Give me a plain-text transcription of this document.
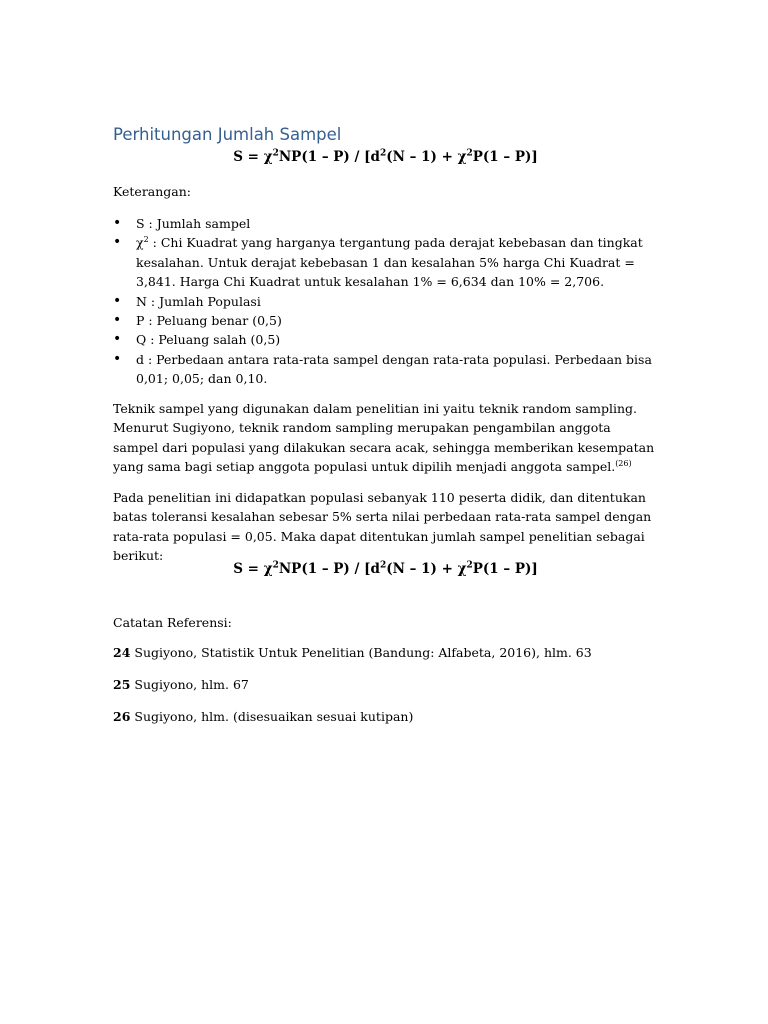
Perhitungan Jumlah Sampel
$S = \chi^2NP(1 - P) / [d^2(N - 1) + \chi^2P(1 - P)]$
Keterangan:
• S : Jumlah sampel
• $\chi^2$ : Chi Kuadrat yang harganya tergantung pada derajat kebebasan dan tingkat kesalahan. Untuk derajat kebebasan 1 dan kesalahan 5% harga Chi Kuadrat = 3,841. Harga Chi Kuadrat untuk kesalahan 1% = 6,634 dan 10% = 2,706.
• N : Jumlah Populasi
• P : Peluang benar (0,5)
• Q : Peluang salah (0,5)
• d : Perbedaan antara rata-rata sampel dengan rata-rata populasi. Perbedaan bisa 0,01; 0,05; dan 0,10.

Teknik sampel yang digunakan dalam penelitian ini yaitu teknik random sampling. Menurut Sugiyono, teknik random sampling merupakan pengambilan anggota sampel dari populasi yang dilakukan secara acak, sehingga memberikan kesempatan yang sama bagi setiap anggota populasi untuk dipilih menjadi anggota sampel.$^{(26)}$

Pada penelitian ini didapatkan populasi sebanyak 110 peserta didik, dan ditentukan batas toleransi kesalahan sebesar 5% serta nilai perbedaan rata-rata sampel dengan rata-rata populasi = 0,05. Maka dapat ditentukan jumlah sampel penelitian sebagai berikut:

$S = \chi^2NP(1 - P) / [d^2(N - 1) + \chi^2P(1 - P)]$
Catatan Referensi:
24 Sugiyono, Statistik Untuk Penelitian (Bandung: Alfabeta, 2016), hlm. 63
25 Sugiyono, hlm. 67
26 Sugiyono, hlm. (disesuaikan sesuai kutipan)
